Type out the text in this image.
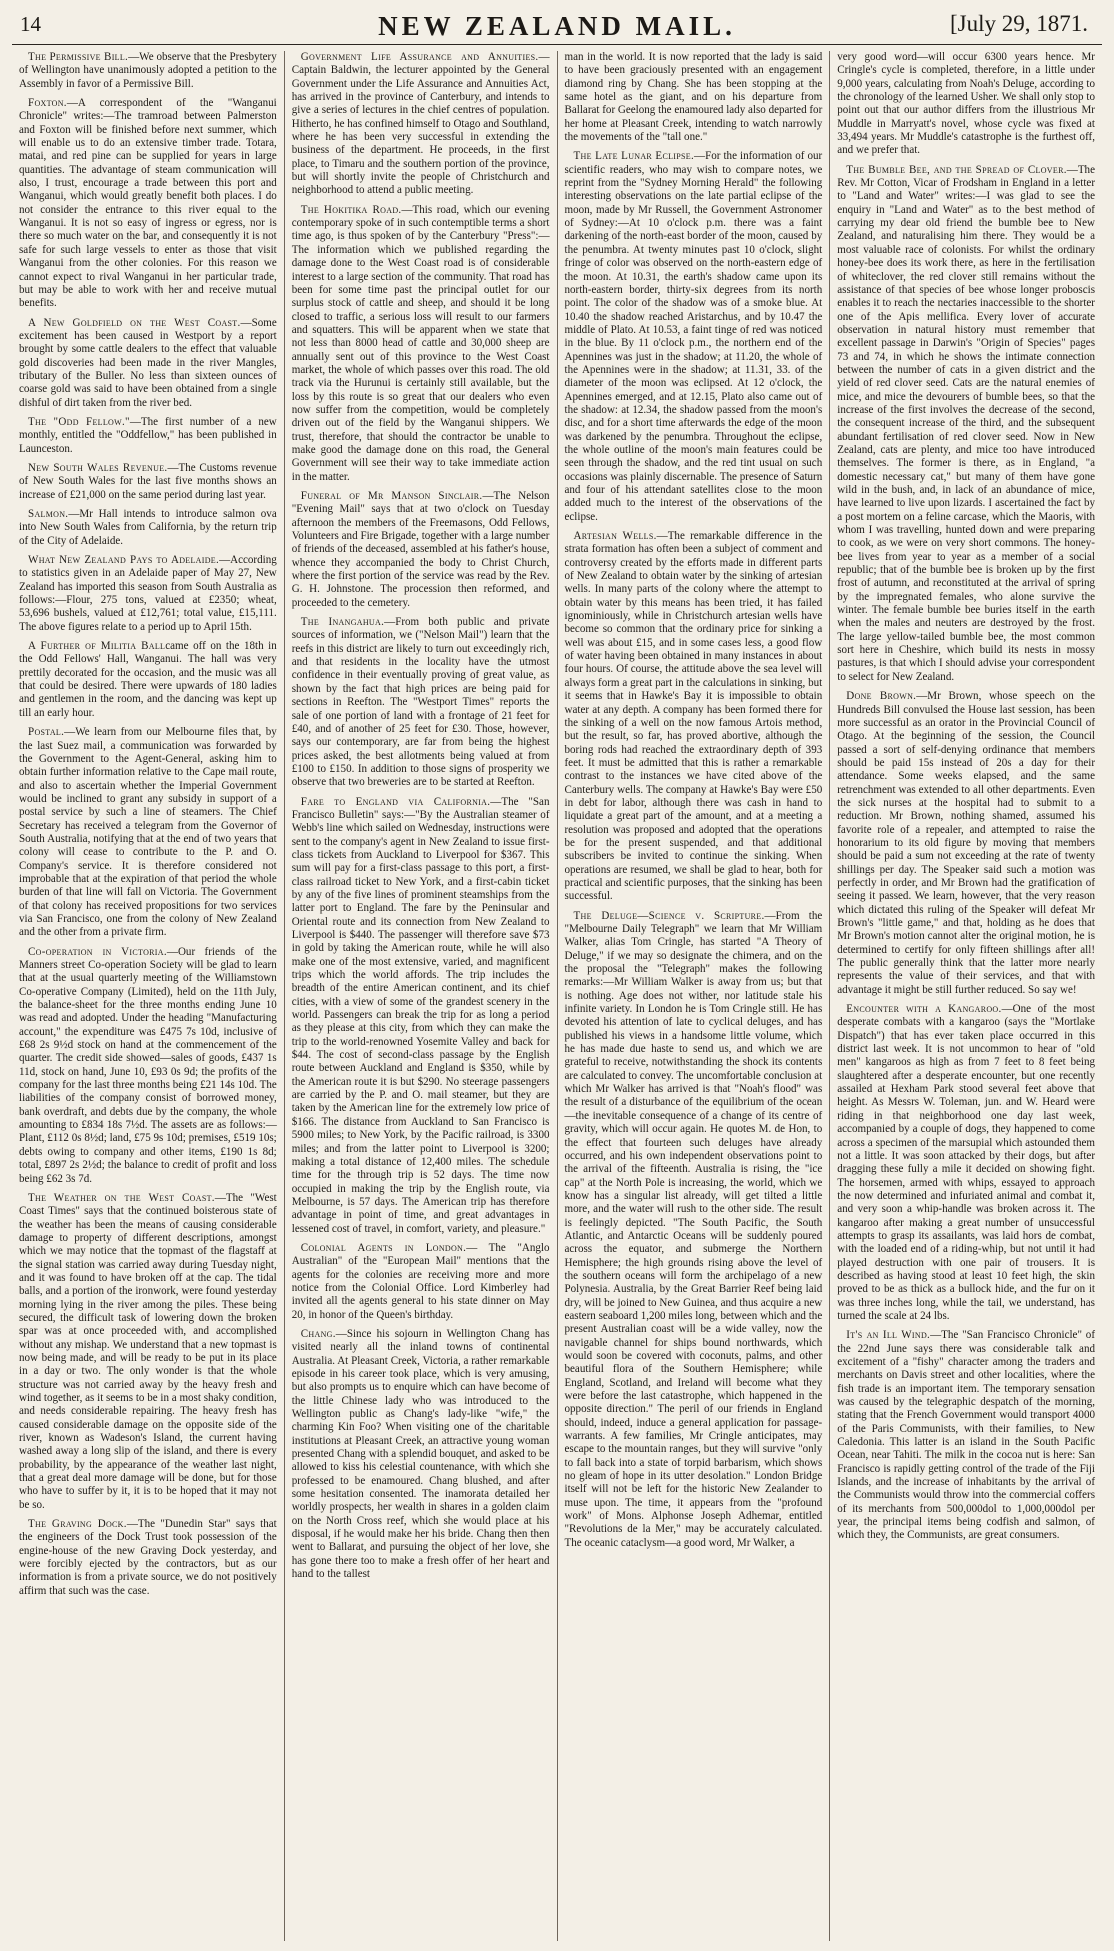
14	NEW ZEALAND MAIL.	[July 29, 1871.

The Permissive Bill.—We observe that the Presbytery of Wellington have unanimously adopted a petition to the Assembly in favor of a Permissive Bill.

Foxton.—A correspondent of the "Wanganui Chronicle" writes:—The tramroad between Palmerston and Foxton will be finished before next summer, which will enable us to do an extensive timber trade. Totara, matai, and red pine can be supplied for years in large quantities. The advantage of steam communication will also, I trust, encourage a trade between this port and Wanganui, which would greatly benefit both places. I do not consider the entrance to this river equal to the Wanganui. It is not so easy of ingress or egress, nor is there so much water on the bar, and consequently it is not safe for such large vessels to enter as those that visit Wanganui from the other colonies. For this reason we cannot expect to rival Wanganui in her particular trade, but may be able to work with her and receive mutual benefits.

A New Goldfield on the West Coast.—Some excitement has been caused in Westport by a report brought by some cattle dealers to the effect that valuable gold discoveries had been made in the river Mangles, tributary of the Buller. No less than sixteen ounces of coarse gold was said to have been obtained from a single dishful of dirt taken from the river bed.

The "Odd Fellow."—The first number of a new monthly, entitled the "Oddfellow," has been published in Launceston.

New South Wales Revenue.—The Customs revenue of New South Wales for the last five months shows an increase of £21,000 on the same period during last year.

Salmon.—Mr Hall intends to introduce salmon ova into New South Wales from California, by the return trip of the City of Adelaide.

What New Zealand Pays to Adelaide.—According to statistics given in an Adelaide paper of May 27, New Zealand has imported this season from South Australia as follows:—Flour, 275 tons, valued at £2350; wheat, 53,696 bushels, valued at £12,761; total value, £15,111. The above figures relate to a period up to April 15th.

A Further of Militia Ballcame off on the 18th in the Odd Fellows' Hall, Wanganui. The hall was very prettily decorated for the occasion, and the music was all that could be desired. There were upwards of 180 ladies and gentlemen in the room, and the dancing was kept up till an early hour.

Postal.—We learn from our Melbourne files that, by the last Suez mail, a communication was forwarded by the Government to the Agent-General, asking him to obtain further information relative to the Cape mail route, and also to ascertain whether the Imperial Government would be inclined to grant any subsidy in support of a postal service by such a line of steamers. The Chief Secretary has received a telegram from the Governor of South Australia, notifying that at the end of two years that colony will cease to contribute to the P. and O. Company's service. It is therefore considered not improbable that at the expiration of that period the whole burden of that line will fall on Victoria. The Government of that colony has received propositions for two services via San Francisco, one from the colony of New Zealand and the other from a private firm.

Co-operation in Victoria.—Our friends of the Manners street Co-operation Society will be glad to learn that at the usual quarterly meeting of the Williamstown Co-operative Company (Limited), held on the 11th July, the balance-sheet for the three months ending June 10 was read and adopted. Under the heading "Manufacturing account," the expenditure was £475 7s 10d, inclusive of £68 2s 9½d stock on hand at the commencement of the quarter. The credit side showed—sales of goods, £437 1s 11d, stock on hand, June 10, £93 0s 9d; the profits of the company for the last three months being £21 14s 10d. The liabilities of the company consist of borrowed money, bank overdraft, and debts due by the company, the whole amounting to £834 18s 7½d. The assets are as follows:—Plant, £112 0s 8½d; land, £75 9s 10d; premises, £519 10s; debts owing to company and other items, £190 1s 8d; total, £897 2s 2½d; the balance to credit of profit and loss being £62 3s 7d.

The Weather on the West Coast.—The "West Coast Times" says that the continued boisterous state of the weather has been the means of causing considerable damage to property of different descriptions, amongst which we may notice that the topmast of the flagstaff at the signal station was carried away during Tuesday night, and it was found to have broken off at the cap. The tidal balls, and a portion of the ironwork, were found yesterday morning lying in the river among the piles. These being secured, the difficult task of lowering down the broken spar was at once proceeded with, and accomplished without any mishap. We understand that a new topmast is now being made, and will be ready to be put in its place in a day or two. The only wonder is that the whole structure was not carried away by the heavy fresh and wind together, as it seems to be in a most shaky condition, and needs considerable repairing. The heavy fresh has caused considerable damage on the opposite side of the river, known as Wadeson's Island, the current having washed away a long slip of the island, and there is every probability, by the appearance of the weather last night, that a great deal more damage will be done, but for those who have to suffer by it, it is to be hoped that it may not be so.

The Graving Dock.—The "Dunedin Star" says that the engineers of the Dock Trust took possession of the engine-house of the new Graving Dock yesterday, and were forcibly ejected by the contractors, but as our information is from a private source, we do not positively affirm that such was the case.

Government Life Assurance and Annuities.—Captain Baldwin, the lecturer appointed by the General Government under the Life Assurance and Annuities Act, has arrived in the province of Canterbury, and intends to give a series of lectures in the chief centres of population. Hitherto, he has confined himself to Otago and Southland, where he has been very successful in extending the business of the department. He proceeds, in the first place, to Timaru and the southern portion of the province, but will shortly invite the people of Christchurch and neighborhood to attend a public meeting.

The Hokitika Road.—This road, which our evening contemporary spoke of in such contemptible terms a short time ago, is thus spoken of by the Canterbury "Press":—The information which we published regarding the damage done to the West Coast road is of considerable interest to a large section of the community. That road has been for some time past the principal outlet for our surplus stock of cattle and sheep, and should it be long closed to traffic, a serious loss will result to our farmers and squatters. This will be apparent when we state that not less than 8000 head of cattle and 30,000 sheep are annually sent out of this province to the West Coast market, the whole of which passes over this road. The old track via the Hurunui is certainly still available, but the loss by this route is so great that our dealers who even now suffer from the competition, would be completely driven out of the field by the Wanganui shippers. We trust, therefore, that should the contractor be unable to make good the damage done on this road, the General Government will see their way to take immediate action in the matter.

Funeral of Mr Manson Sinclair.—The Nelson "Evening Mail" says that at two o'clock on Tuesday afternoon the members of the Freemasons, Odd Fellows, Volunteers and Fire Brigade, together with a large number of friends of the deceased, assembled at his father's house, whence they accompanied the body to Christ Church, where the first portion of the service was read by the Rev. G. H. Johnstone. The procession then reformed, and proceeded to the cemetery.

The Inangahua.—From both public and private sources of information, we ("Nelson Mail") learn that the reefs in this district are likely to turn out exceedingly rich, and that residents in the locality have the utmost confidence in their eventually proving of great value, as shown by the fact that high prices are being paid for sections in Reefton. The "Westport Times" reports the sale of one portion of land with a frontage of 21 feet for £40, and of another of 25 feet for £30. Those, however, says our contemporary, are far from being the highest prices asked, the best allotments being valued at from £100 to £150. In addition to those signs of prosperity we observe that two breweries are to be started at Reefton.

Fare to England via California.—The "San Francisco Bulletin" says:—"By the Australian steamer of Webb's line which sailed on Wednesday, instructions were sent to the company's agent in New Zealand to issue first-class tickets from Auckland to Liverpool for $367. This sum will pay for a first-class passage to this port, a first-class railroad ticket to New York, and a first-cabin ticket by any of the five lines of prominent steamships from the latter port to England. The fare by the Peninsular and Oriental route and its connection from New Zealand to Liverpool is $440. The passenger will therefore save $73 in gold by taking the American route, while he will also make one of the most extensive, varied, and magnificent trips which the world affords. The trip includes the breadth of the entire American continent, and its chief cities, with a view of some of the grandest scenery in the world. Passengers can break the trip for as long a period as they please at this city, from which they can make the trip to the world-renowned Yosemite Valley and back for $44. The cost of second-class passage by the English route between Auckland and England is $350, while by the American route it is but $290. No steerage passengers are carried by the P. and O. mail steamer, but they are taken by the American line for the extremely low price of $166. The distance from Auckland to San Francisco is 5900 miles; to New York, by the Pacific railroad, is 3300 miles; and from the latter point to Liverpool is 3200; making a total distance of 12,400 miles. The schedule time for the through trip is 52 days. The time now occupied in making the trip by the English route, via Melbourne, is 57 days. The American trip has therefore advantage in point of time, and great advantages in lessened cost of travel, in comfort, variety, and pleasure."

Colonial Agents in London.— The "Anglo Australian" of the "European Mail" mentions that the agents for the colonies are receiving more and more notice from the Colonial Office. Lord Kimberley had invited all the agents general to his state dinner on May 20, in honor of the Queen's birthday.

Chang.—Since his sojourn in Wellington Chang has visited nearly all the inland towns of continental Australia. At Pleasant Creek, Victoria, a rather remarkable episode in his career took place, which is very amusing, but also prompts us to enquire which can have become of the little Chinese lady who was introduced to the Wellington public as Chang's lady-like "wife," the charming Kin Foo? When visiting one of the charitable institutions at Pleasant Creek, an attractive young woman presented Chang with a splendid bouquet, and asked to be allowed to kiss his celestial countenance, with which she professed to be enamoured. Chang blushed, and after some hesitation consented. The inamorata detailed her worldly prospects, her wealth in shares in a golden claim on the North Cross reef, which she would place at his disposal, if he would make her his bride. Chang then then went to Ballarat, and pursuing the object of her love, she has gone there too to make a fresh offer of her heart and hand to the tallest

man in the world. It is now reported that the lady is said to have been graciously presented with an engagement diamond ring by Chang. She has been stopping at the same hotel as the giant, and on his departure from Ballarat for Geelong the enamoured lady also departed for her home at Pleasant Creek, intending to watch narrowly the movements of the "tall one."

The Late Lunar Eclipse.—For the information of our scientific readers, who may wish to compare notes, we reprint from the "Sydney Morning Herald" the following interesting observations on the late partial eclipse of the moon, made by Mr Russell, the Government Astronomer of Sydney:—At 10 o'clock p.m. there was a faint darkening of the north-east border of the moon, caused by the penumbra. At twenty minutes past 10 o'clock, slight fringe of color was observed on the north-eastern edge of the moon. At 10.31, the earth's shadow came upon its north-eastern border, thirty-six degrees from its north point. The color of the shadow was of a smoke blue. At 10.40 the shadow reached Aristarchus, and by 10.47 the middle of Plato. At 10.53, a faint tinge of red was noticed in the blue. By 11 o'clock p.m., the northern end of the Apennines was just in the shadow; at 11.20, the whole of the Apennines were in the shadow; at 11.31, 33. of the diameter of the moon was eclipsed. At 12 o'clock, the Apennines emerged, and at 12.15, Plato also came out of the shadow: at 12.34, the shadow passed from the moon's disc, and for a short time afterwards the edge of the moon was darkened by the penumbra. Throughout the eclipse, the whole outline of the moon's main features could be seen through the shadow, and the red tint usual on such occasions was plainly discernable. The presence of Saturn and four of his attendant satellites close to the moon added much to the interest of the observations of the eclipse.

Artesian Wells.—The remarkable difference in the strata formation has often been a subject of comment and controversy created by the efforts made in different parts of New Zealand to obtain water by the sinking of artesian wells. In many parts of the colony where the attempt to obtain water by this means has been tried, it has failed ignominiously, while in Christchurch artesian wells have become so common that the ordinary price for sinking a well was about £15, and in some cases less, a good flow of water having been obtained in many instances in about four hours. Of course, the attitude above the sea level will always form a great part in the calculations in sinking, but it seems that in Hawke's Bay it is impossible to obtain water at any depth. A company has been formed there for the sinking of a well on the now famous Artois method, but the result, so far, has proved abortive, although the boring rods had reached the extraordinary depth of 393 feet. It must be admitted that this is rather a remarkable contrast to the instances we have cited above of the Canterbury wells. The company at Hawke's Bay were £50 in debt for labor, although there was cash in hand to liquidate a great part of the amount, and at a meeting a resolution was proposed and adopted that the operations be for the present suspended, and that additional subscribers be invited to continue the sinking. When operations are resumed, we shall be glad to hear, both for practical and scientific purposes, that the sinking has been successful.

The Deluge—Science v. Scripture.—From the "Melbourne Daily Telegraph" we learn that Mr William Walker, alias Tom Cringle, has started "A Theory of Deluge," if we may so designate the chimera, and on the the proposal the "Telegraph" makes the following remarks:—Mr William Walker is away from us; but that is nothing. Age does not wither, nor latitude stale his infinite variety. In London he is Tom Cringle still. He has devoted his attention of late to cyclical deluges, and has published his views in a handsome little volume, which he has made due haste to send us, and which we are grateful to receive, notwithstanding the shock its contents are calculated to convey. The uncomfortable conclusion at which Mr Walker has arrived is that "Noah's flood" was the result of a disturbance of the equilibrium of the ocean—the inevitable consequence of a change of its centre of gravity, which will occur again. He quotes M. de Hon, to the effect that fourteen such deluges have already occurred, and his own independent observations point to the arrival of the fifteenth. Australia is rising, the "ice cap" at the North Pole is increasing, the world, which we know has a singular list already, will get tilted a little more, and the water will rush to the other side. The result is feelingly depicted. "The South Pacific, the South Atlantic, and Antarctic Oceans will be suddenly poured across the equator, and submerge the Northern Hemisphere; the high grounds rising above the level of the southern oceans will form the archipelago of a new Polynesia. Australia, by the Great Barrier Reef being laid dry, will be joined to New Guinea, and thus acquire a new eastern seaboard 1,200 miles long, between which and the present Australian coast will be a wide valley, now the navigable channel for ships bound northwards, which would soon be covered with coconuts, palms, and other beautiful flora of the Southern Hemisphere; while England, Scotland, and Ireland will become what they were before the last catastrophe, which happened in the opposite direction." The peril of our friends in England should, indeed, induce a general application for passage-warrants. A few families, Mr Cringle anticipates, may escape to the mountain ranges, but they will survive "only to fall back into a state of torpid barbarism, which shows no gleam of hope in its utter desolation." London Bridge itself will not be left for the historic New Zealander to muse upon. The time, it appears from the "profound work" of Mons. Alphonse Joseph Adhemar, entitled "Revolutions de la Mer," may be accurately calculated. The oceanic cataclysm—a good word, Mr Walker, a

very good word—will occur 6300 years hence. Mr Cringle's cycle is completed, therefore, in a little under 9,000 years, calculating from Noah's Deluge, according to the chronology of the learned Usher. We shall only stop to point out that our author differs from the illustrious Mr Muddle in Marryatt's novel, whose cycle was fixed at 33,494 years. Mr Muddle's catastrophe is the furthest off, and we prefer that.

The Bumble Bee, and the Spread of Clover.—The Rev. Mr Cotton, Vicar of Frodsham in England in a letter to "Land and Water" writes:—I was glad to see the enquiry in "Land and Water" as to the best method of carrying my dear old friend the bumble bee to New Zealand, and naturalising him there. They would be a most valuable race of colonists. For whilst the ordinary honey-bee does its work there, as here in the fertilisation of whiteclover, the red clover still remains without the assistance of that species of bee whose longer proboscis enables it to reach the nectaries inaccessible to the shorter one of the Apis mellifica. Every lover of accurate observation in natural history must remember that excellent passage in Darwin's "Origin of Species" pages 73 and 74, in which he shows the intimate connection between the number of cats in a given district and the yield of red clover seed. Cats are the natural enemies of mice, and mice the devourers of bumble bees, so that the increase of the first involves the decrease of the second, the consequent increase of the third, and the subsequent abundant fertilisation of red clover seed. Now in New Zealand, cats are plenty, and mice too have introduced themselves. The former is there, as in England, "a domestic necessary cat," but many of them have gone wild in the bush, and, in lack of an abundance of mice, have learned to live upon lizards. I ascertained the fact by a post mortem on a feline carcase, which the Maoris, with whom I was travelling, hunted down and were preparing to cook, as we were on very short commons. The honey-bee lives from year to year as a member of a social republic; that of the bumble bee is broken up by the first frost of autumn, and reconstituted at the arrival of spring by the impregnated females, who alone survive the winter. The female bumble bee buries itself in the earth when the males and neuters are destroyed by the frost. The large yellow-tailed bumble bee, the most common sort here in Cheshire, which build its nests in mossy pastures, is that which I should advise your correspondent to select for New Zealand.

Done Brown.—Mr Brown, whose speech on the Hundreds Bill convulsed the House last session, has been more successful as an orator in the Provincial Council of Otago. At the beginning of the session, the Council passed a sort of self-denying ordinance that members should be paid 15s instead of 20s a day for their attendance. Some weeks elapsed, and the same retrenchment was extended to all other departments. Even the sick nurses at the hospital had to submit to a reduction. Mr Brown, nothing shamed, assumed his favorite role of a repealer, and attempted to raise the honorarium to its old figure by moving that members should be paid a sum not exceeding at the rate of twenty shillings per day. The Speaker said such a motion was perfectly in order, and Mr Brown had the gratification of seeing it passed. We learn, however, that the very reason which dictated this ruling of the Speaker will defeat Mr Brown's "little game," and that, holding as he does that Mr Brown's motion cannot alter the original motion, he is determined to certify for only fifteen shillings after all! The public generally think that the latter more nearly represents the value of their services, and that with advantage it might be still further reduced. So say we!

Encounter with a Kangaroo.—One of the most desperate combats with a kangaroo (says the "Mortlake Dispatch") that has ever taken place occurred in this district last week. It is not uncommon to hear of "old men" kangaroos as high as from 7 feet to 8 feet being slaughtered after a desperate encounter, but one recently assailed at Hexham Park stood several feet above that height. As Messrs W. Toleman, jun. and W. Heard were riding in that neighborhood one day last week, accompanied by a couple of dogs, they happened to come across a specimen of the marsupial which astounded them not a little. It was soon attacked by their dogs, but after dragging these fully a mile it decided on showing fight. The horsemen, armed with whips, essayed to approach the now determined and infuriated animal and combat it, and very soon a whip-handle was broken across it. The kangaroo after making a great number of unsuccessful attempts to grasp its assailants, was laid hors de combat, with the loaded end of a riding-whip, but not until it had played destruction with one pair of trousers. It is described as having stood at least 10 feet high, the skin proved to be as thick as a bullock hide, and the fur on it was three inches long, while the tail, we understand, has turned the scale at 24 lbs.

It's an Ill Wind.—The "San Francisco Chronicle" of the 22nd June says there was considerable talk and excitement of a "fishy" character among the traders and merchants on Davis street and other localities, where the fish trade is an important item. The temporary sensation was caused by the telegraphic despatch of the morning, stating that the French Government would transport 4000 of the Paris Communists, with their families, to New Caledonia. This latter is an island in the South Pacific Ocean, near Tahiti. The milk in the cocoa nut is here: San Francisco is rapidly getting control of the trade of the Fiji Islands, and the increase of inhabitants by the arrival of the Communists would throw into the commercial coffers of its merchants from 500,000dol to 1,000,000dol per year, the principal items being codfish and salmon, of which they, the Communists, are great consumers.
